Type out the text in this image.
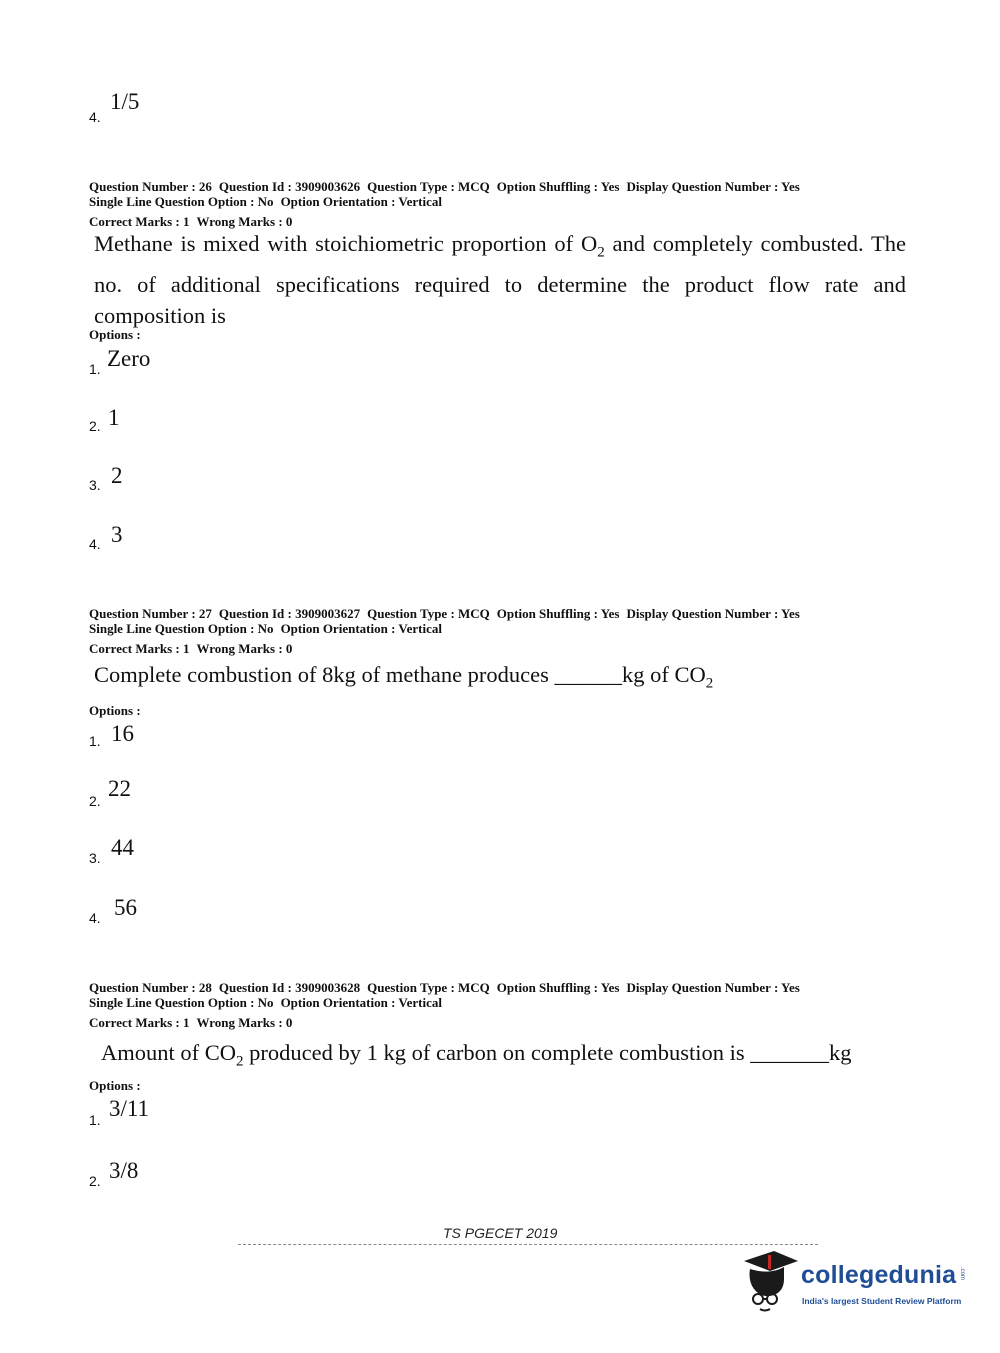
4.
1/5
Question Number : 26 Question Id : 3909003626 Question Type : MCQ Option Shuffling : Yes Display Question Number : Yes
Single Line Question Option : No Option Orientation : Vertical
Correct Marks : 1 Wrong Marks : 0
Methane is mixed with stoichiometric proportion of $O_2$ and completely combusted. The no. of additional specifications required to determine the product flow rate and composition is
Options :
1. Zero
2. 1
3. 2
4. 3
Question Number : 27 Question Id : 3909003627 Question Type : MCQ Option Shuffling : Yes Display Question Number : Yes
Single Line Question Option : No Option Orientation : Vertical
Correct Marks : 1 Wrong Marks : 0
Complete combustion of 8kg of methane produces ______kg of $CO_2$
Options :
1. 16
2. 22
3. 44
4. 56
Question Number : 28 Question Id : 3909003628 Question Type : MCQ Option Shuffling : Yes Display Question Number : Yes
Single Line Question Option : No Option Orientation : Vertical
Correct Marks : 1 Wrong Marks : 0
Amount of $CO_2$ produced by 1 kg of carbon on complete combustion is _______kg
Options :
1. 3/11
2. 3/8
TS PGECET 2019
collegedunia .com
India's largest Student Review Platform
